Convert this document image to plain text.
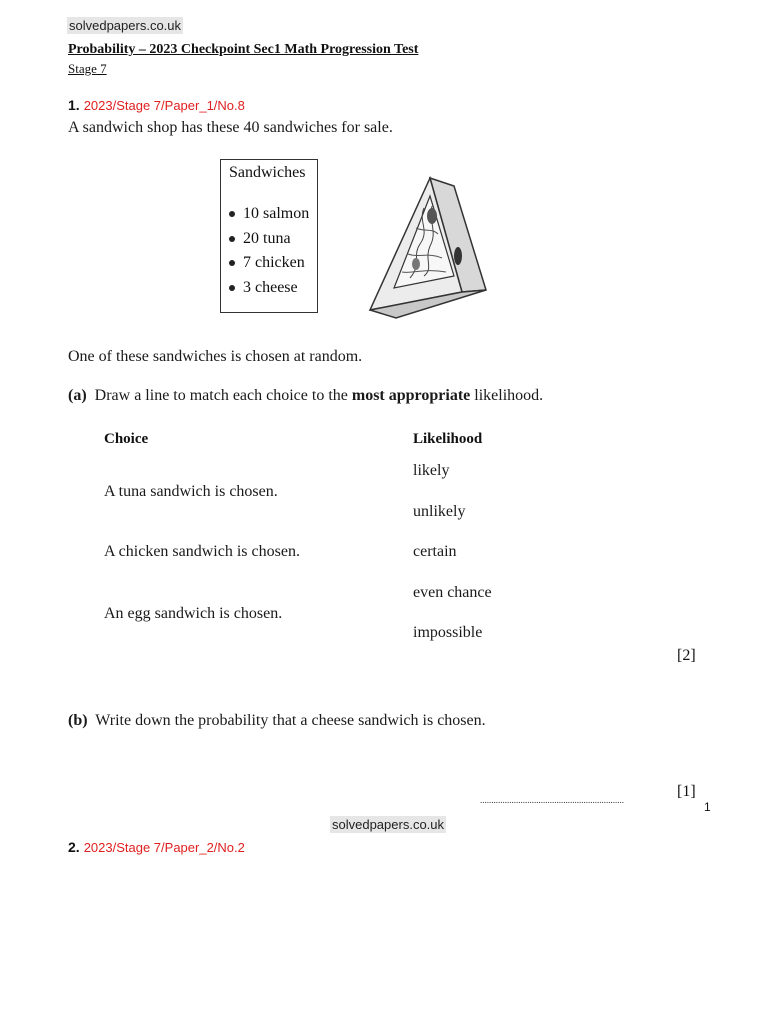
solvedpapers.co.uk
Probability – 2023 Checkpoint Sec1 Math Progression Test
Stage 7
1. 2023/Stage 7/Paper_1/No.8
A sandwich shop has these 40 sandwiches for sale.
Sandwiches
10 salmon
20 tuna
7 chicken
3 cheese
One of these sandwiches is chosen at random.
(a) Draw a line to match each choice to the most appropriate likelihood.
Choice	Likelihood
A tuna sandwich is chosen.
A chicken sandwich is chosen.
An egg sandwich is chosen.
likely
unlikely
certain
even chance
impossible
[2]
(b) Write down the probability that a cheese sandwich is chosen.
................................................................	[1]
1
solvedpapers.co.uk
2. 2023/Stage 7/Paper_2/No.2
